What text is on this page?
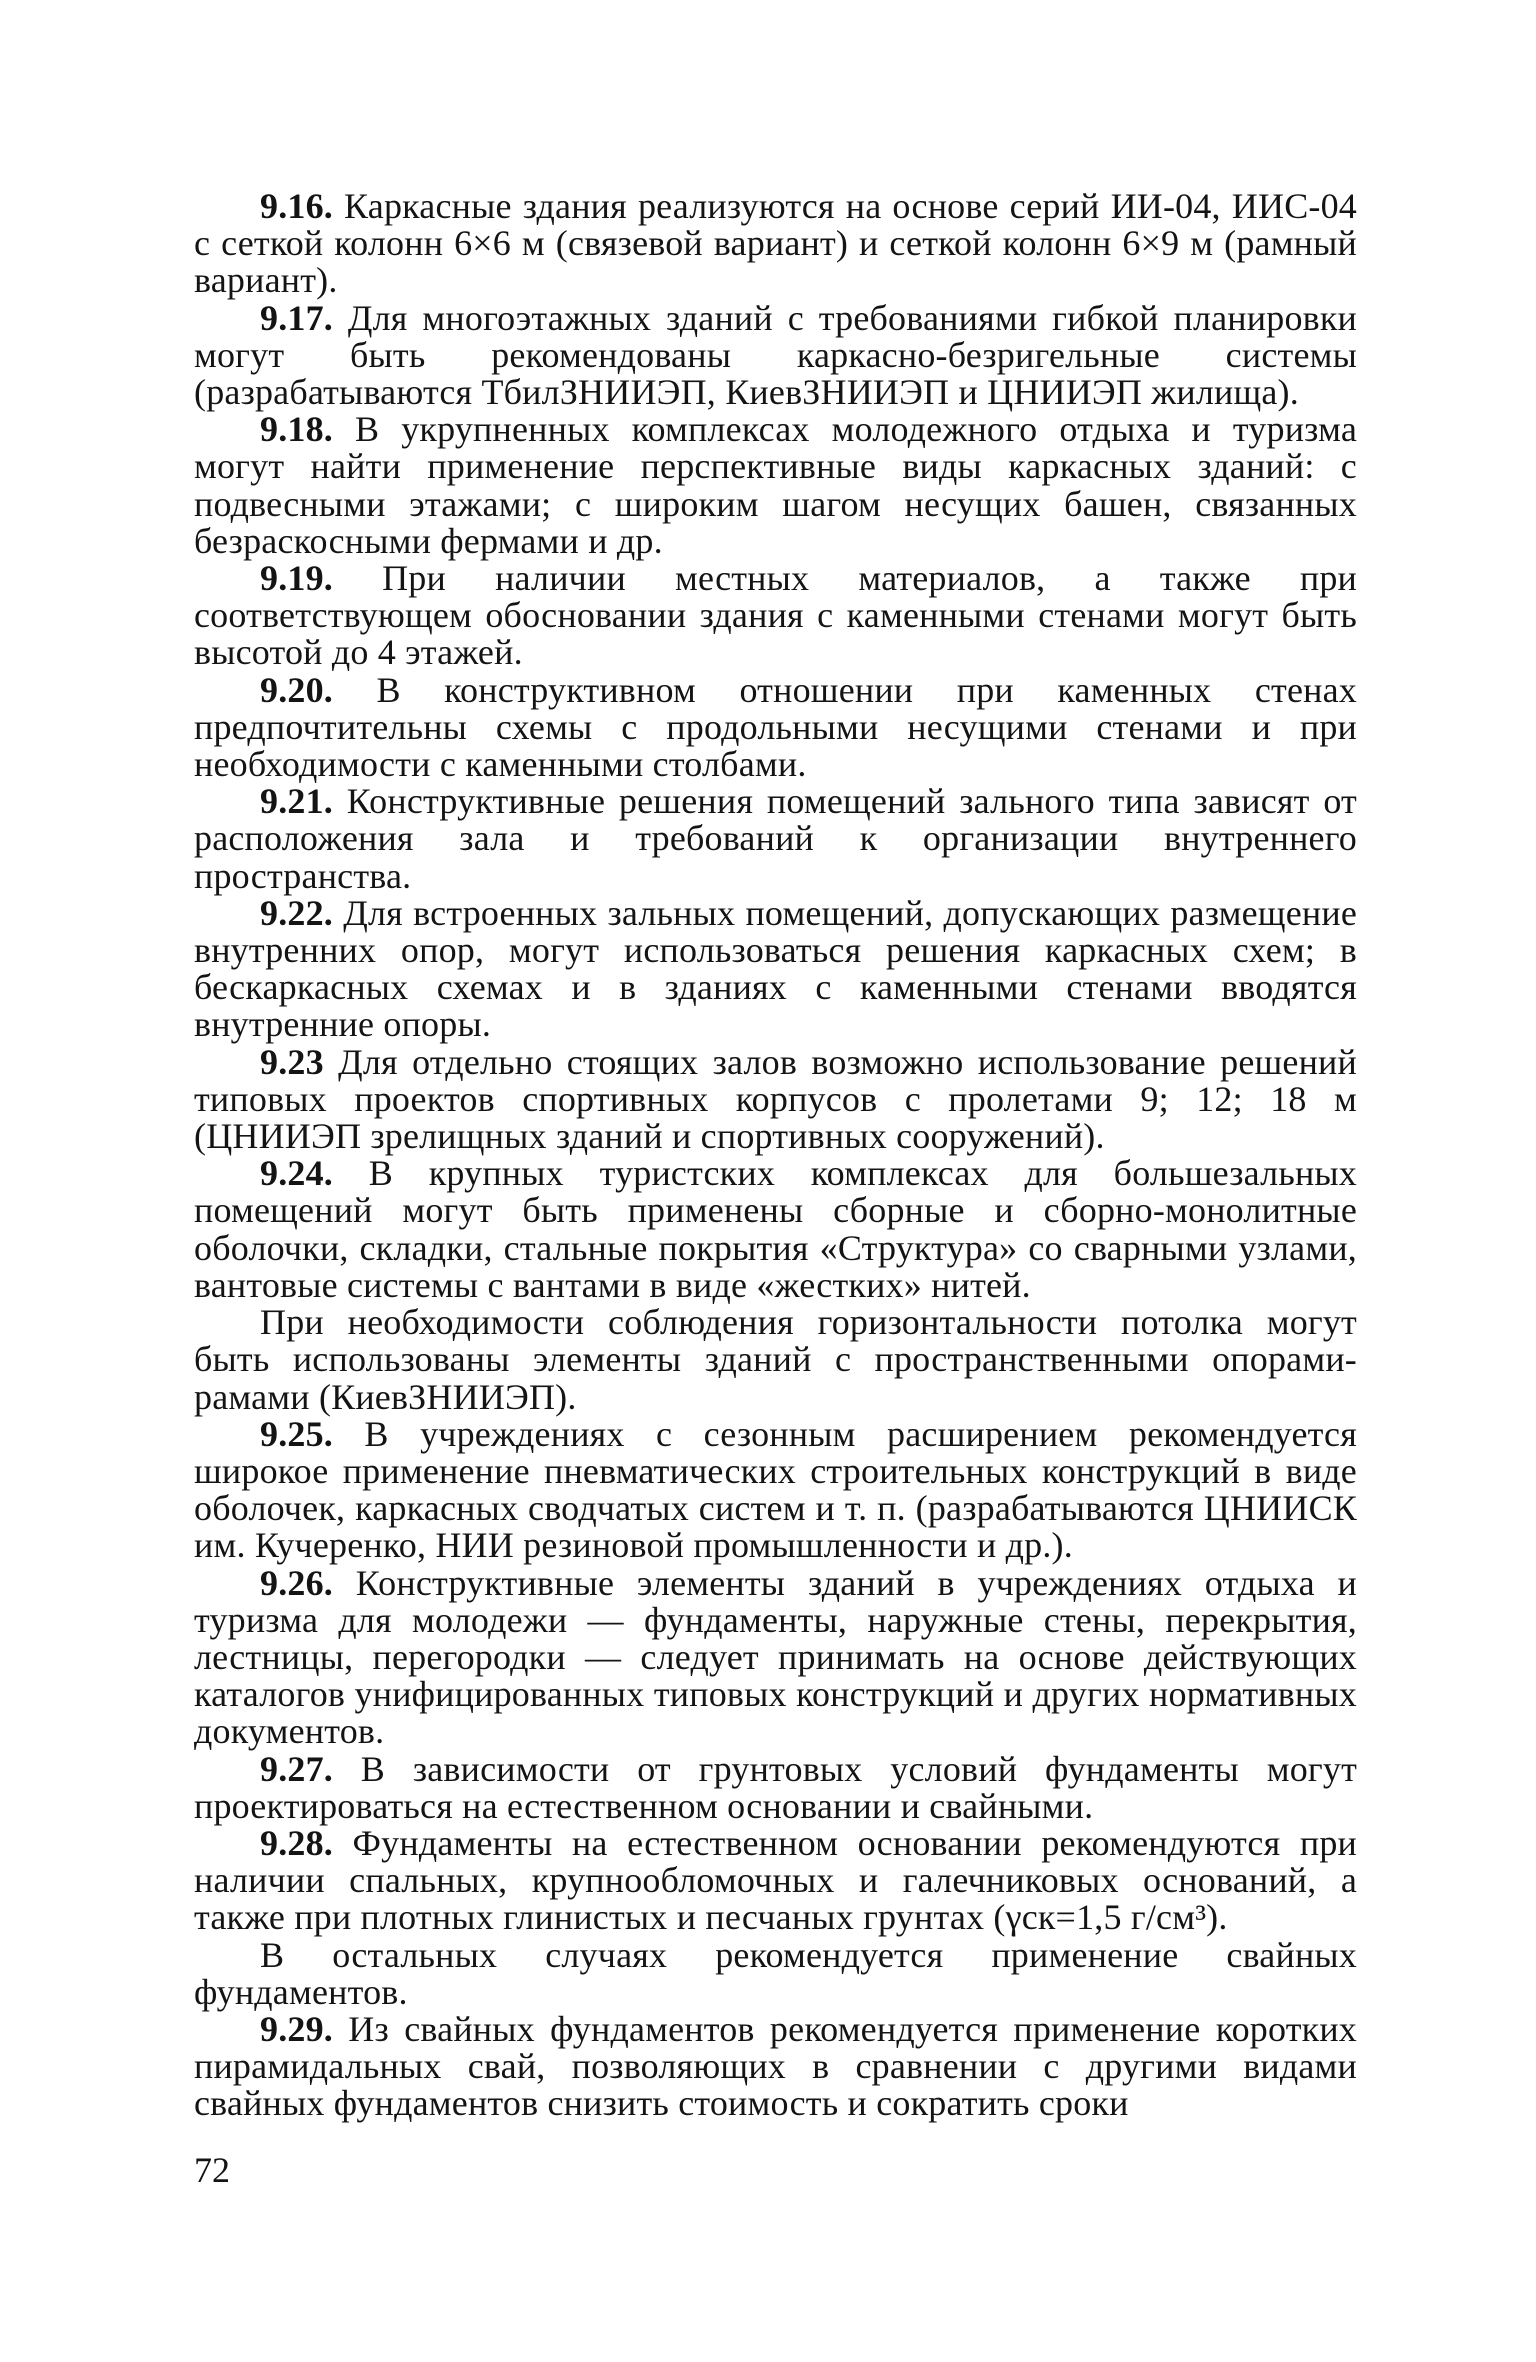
9.16. Каркасные здания реализуются на основе серий ИИ-04, ИИС-04 с сеткой колонн 6×6 м (связевой вариант) и сеткой колонн 6×9 м (рамный вариант).

9.17. Для многоэтажных зданий с требованиями гибкой планировки могут быть рекомендованы каркасно-безригельные системы (разрабатываются ТбилЗНИИЭП, КиевЗНИИЭП и ЦНИИЭП жилища).

9.18. В укрупненных комплексах молодежного отдыха и туризма могут найти применение перспективные виды каркасных зданий: с подвесными этажами; с широким шагом несущих башен, связанных безраскосными фермами и др.

9.19. При наличии местных материалов, а также при соответствующем обосновании здания с каменными стенами могут быть высотой до 4 этажей.

9.20. В конструктивном отношении при каменных стенах предпочтительны схемы с продольными несущими стенами и при необходимости с каменными столбами.

9.21. Конструктивные решения помещений зального типа зависят от расположения зала и требований к организации внутреннего пространства.

9.22. Для встроенных зальных помещений, допускающих размещение внутренних опор, могут использоваться решения каркасных схем; в бескаркасных схемах и в зданиях с каменными стенами вводятся внутренние опоры.

9.23 Для отдельно стоящих залов возможно использование решений типовых проектов спортивных корпусов с пролетами 9; 12; 18 м (ЦНИИЭП зрелищных зданий и спортивных сооружений).

9.24. В крупных туристских комплексах для большезальных помещений могут быть применены сборные и сборно-монолитные оболочки, складки, стальные покрытия «Структура» со сварными узлами, вантовые системы с вантами в виде «жестких» нитей.

При необходимости соблюдения горизонтальности потолка могут быть использованы элементы зданий с пространственными опорами-рамами (КиевЗНИИЭП).

9.25. В учреждениях с сезонным расширением рекомендуется широкое применение пневматических строительных конструкций в виде оболочек, каркасных сводчатых систем и т. п. (разрабатываются ЦНИИСК им. Кучеренко, НИИ резиновой промышленности и др.).

9.26. Конструктивные элементы зданий в учреждениях отдыха и туризма для молодежи — фундаменты, наружные стены, перекрытия, лестницы, перегородки — следует принимать на основе действующих каталогов унифицированных типовых конструкций и других нормативных документов.

9.27. В зависимости от грунтовых условий фундаменты могут проектироваться на естественном основании и свайными.

9.28. Фундаменты на естественном основании рекомендуются при наличии спальных, крупнообломочных и галечниковых оснований, а также при плотных глинистых и песчаных грунтах (γск=1,5 г/см³).

В остальных случаях рекомендуется применение свайных фундаментов.

9.29. Из свайных фундаментов рекомендуется применение коротких пирамидальных свай, позволяющих в сравнении с другими видами свайных фундаментов снизить стоимость и сократить сроки

72
